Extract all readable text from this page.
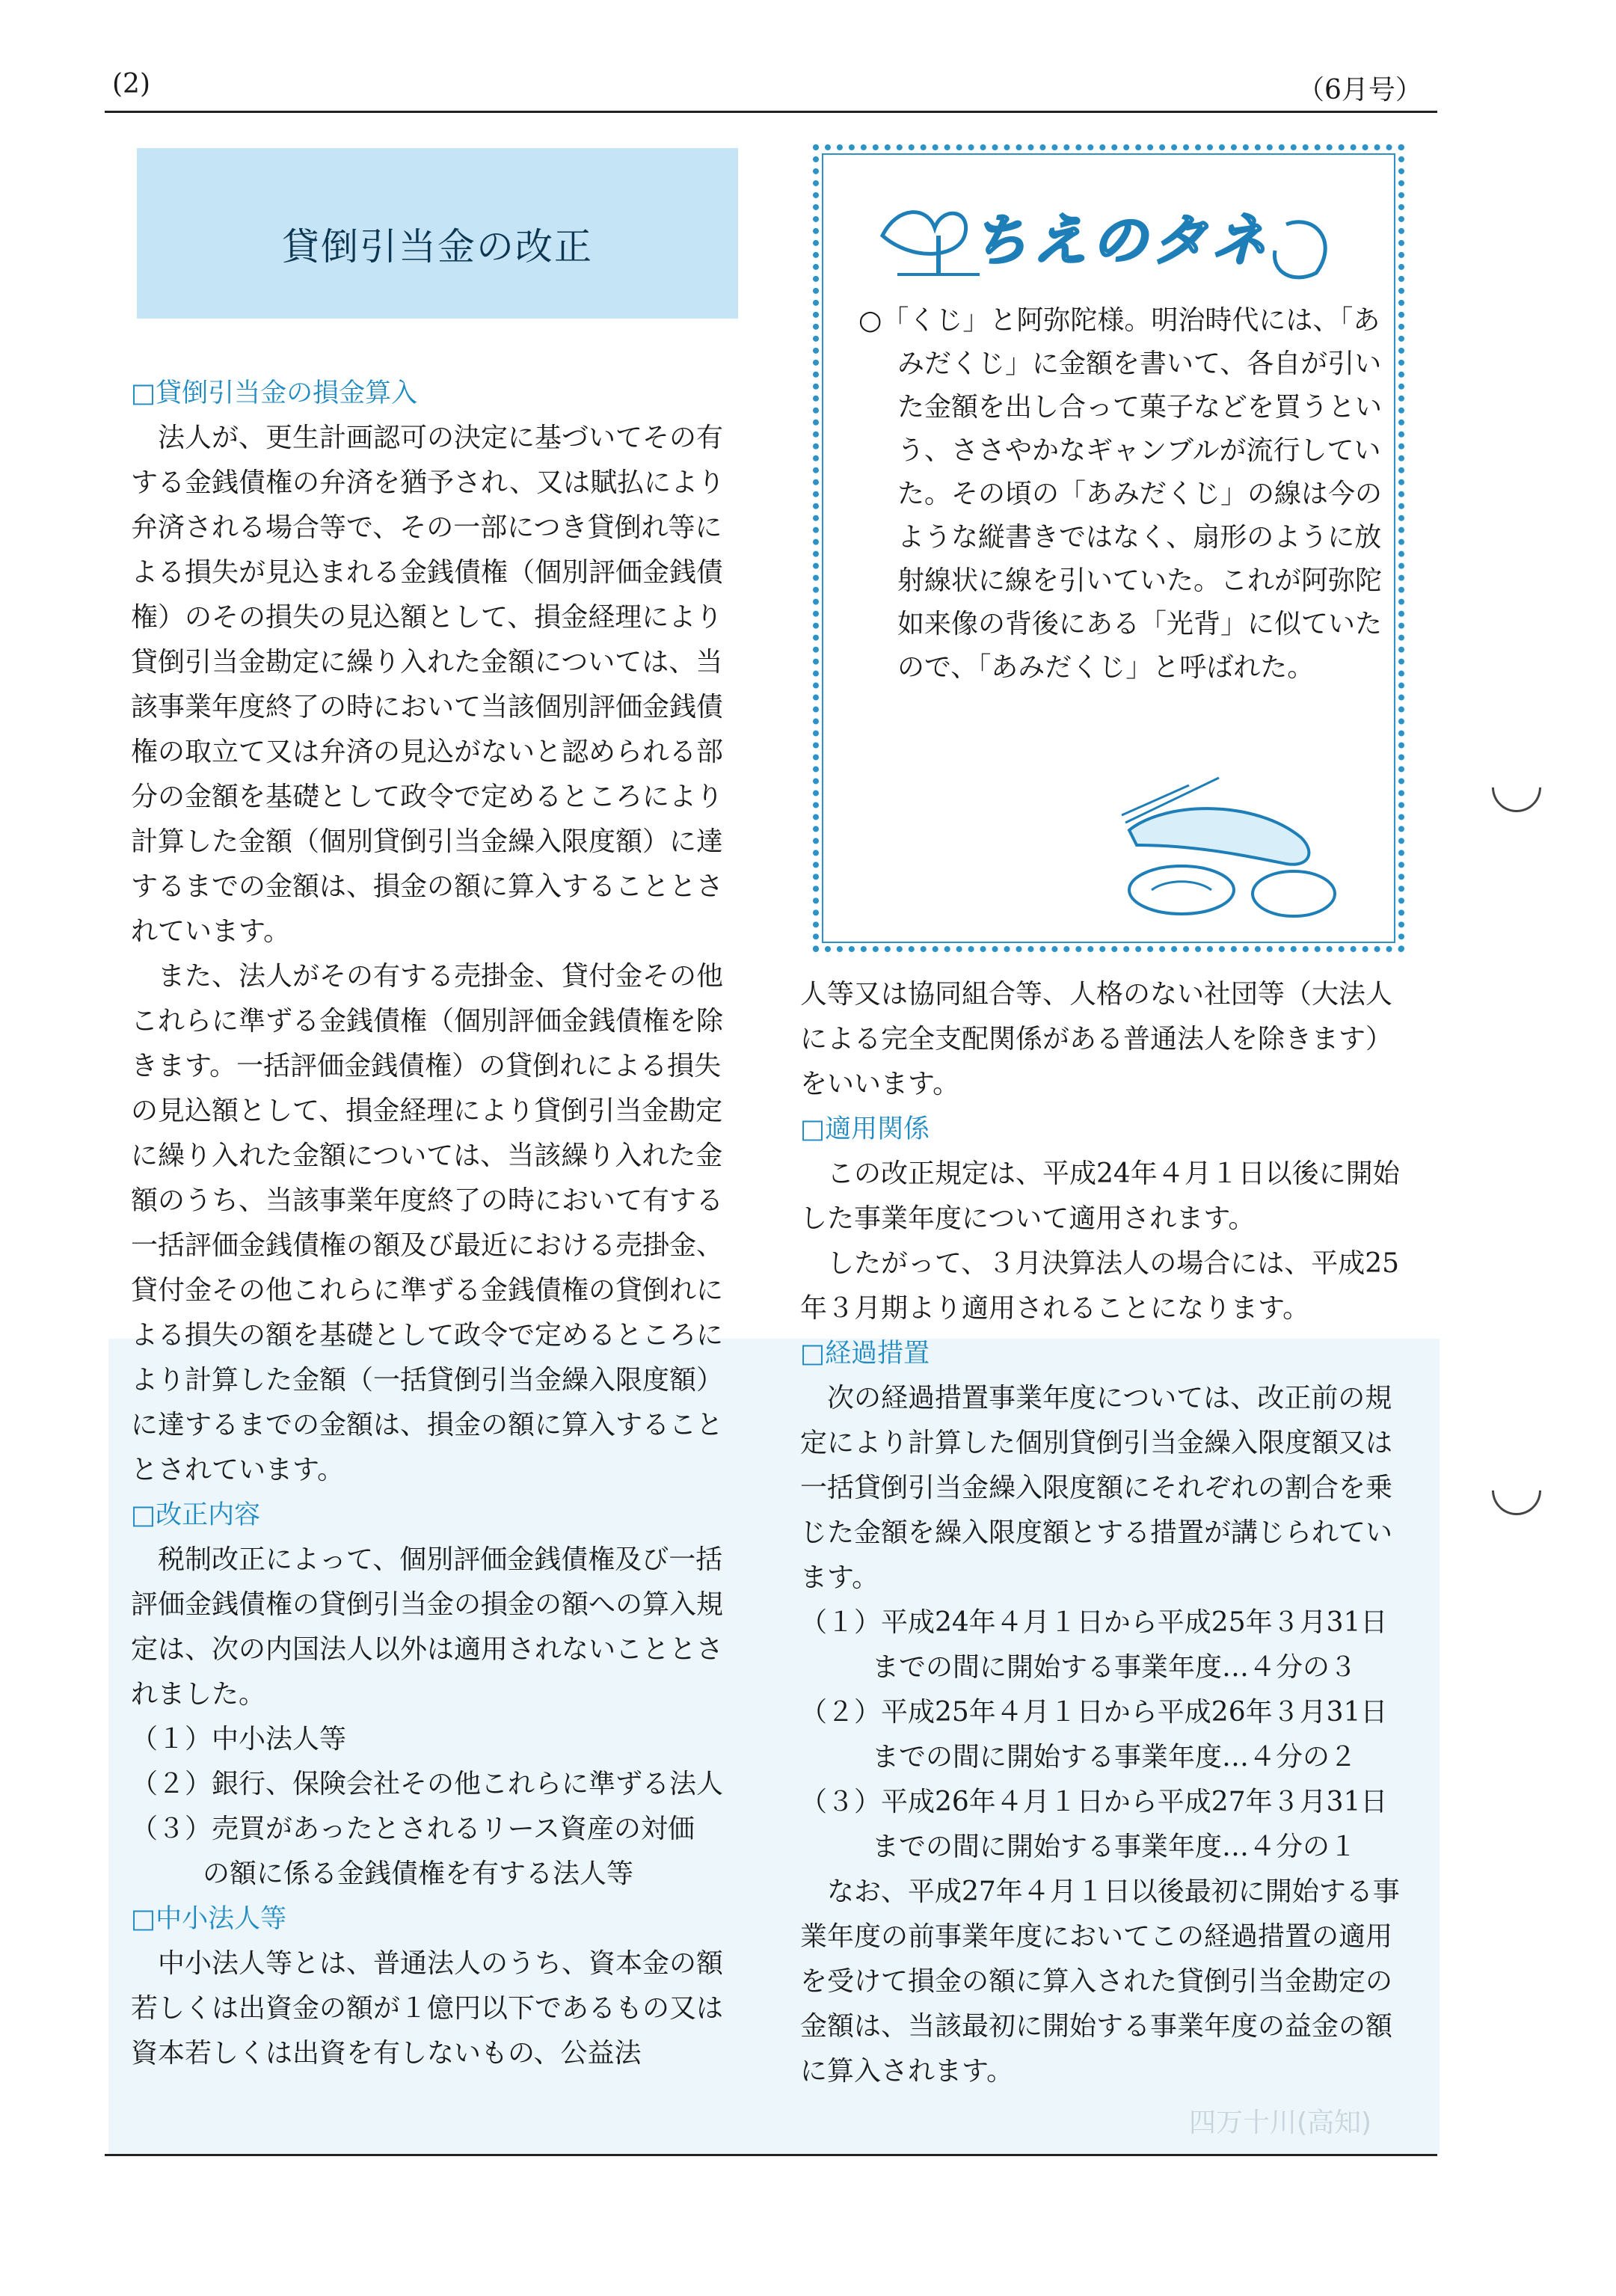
(2)	（6月号）
貸倒引当金の改正

□貸倒引当金の損金算入

法人が、更生計画認可の決定に基づいてその有する金銭債権の弁済を猶予され、又は賦払により弁済される場合等で、その一部につき貸倒れ等による損失が見込まれる金銭債権（個別評価金銭債権）のその損失の見込額として、損金経理により貸倒引当金勘定に繰り入れた金額については、当該事業年度終了の時において当該個別評価金銭債権の取立て又は弁済の見込がないと認められる部分の金額を基礎として政令で定めるところにより計算した金額（個別貸倒引当金繰入限度額）に達するまでの金額は、損金の額に算入することとされています。

また、法人がその有する売掛金、貸付金その他これらに準ずる金銭債権（個別評価金銭債権を除きます。一括評価金銭債権）の貸倒れによる損失の見込額として、損金経理により貸倒引当金勘定に繰り入れた金額については、当該繰り入れた金額のうち、当該事業年度終了の時において有する一括評価金銭債権の額及び最近における売掛金、貸付金その他これらに準ずる金銭債権の貸倒れによる損失の額を基礎として政令で定めるところにより計算した金額（一括貸倒引当金繰入限度額）に達するまでの金額は、損金の額に算入することとされています。

□改正内容

税制改正によって、個別評価金銭債権及び一括評価金銭債権の貸倒引当金の損金の額への算入規定は、次の内国法人以外は適用されないこととされました。

（１）中小法人等

（２）銀行、保険会社その他これらに準ずる法人

（３）売買があったとされるリース資産の対価

の額に係る金銭債権を有する法人等

□中小法人等

中小法人等とは、普通法人のうち、資本金の額若しくは出資金の額が１億円以下であるもの又は資本若しくは出資を有しないもの、公益法

ちえのタネ

○「くじ」と阿弥陀様。明治時代には、「あみだくじ」に金額を書いて、各自が引いた金額を出し合って菓子などを買うという、ささやかなギャンブルが流行していた。その頃の「あみだくじ」の線は今のような縦書きではなく、扇形のように放射線状に線を引いていた。これが阿弥陀如来像の背後にある「光背」に似ていたので、「あみだくじ」と呼ばれた。

人等又は協同組合等、人格のない社団等（大法人による完全支配関係がある普通法人を除きます）をいいます。

□適用関係

この改正規定は、平成24年４月１日以後に開始した事業年度について適用されます。

したがって、３月決算法人の場合には、平成25年３月期より適用されることになります。

□経過措置

次の経過措置事業年度については、改正前の規定により計算した個別貸倒引当金繰入限度額又は一括貸倒引当金繰入限度額にそれぞれの割合を乗じた金額を繰入限度額とする措置が講じられています。

（１）平成24年４月１日から平成25年３月31日

までの間に開始する事業年度…４分の３

（２）平成25年４月１日から平成26年３月31日

までの間に開始する事業年度…４分の２

（３）平成26年４月１日から平成27年３月31日

までの間に開始する事業年度…４分の１

なお、平成27年４月１日以後最初に開始する事業年度の前事業年度においてこの経過措置の適用を受けて損金の額に算入された貸倒引当金勘定の金額は、当該最初に開始する事業年度の益金の額に算入されます。

四万十川(高知)
